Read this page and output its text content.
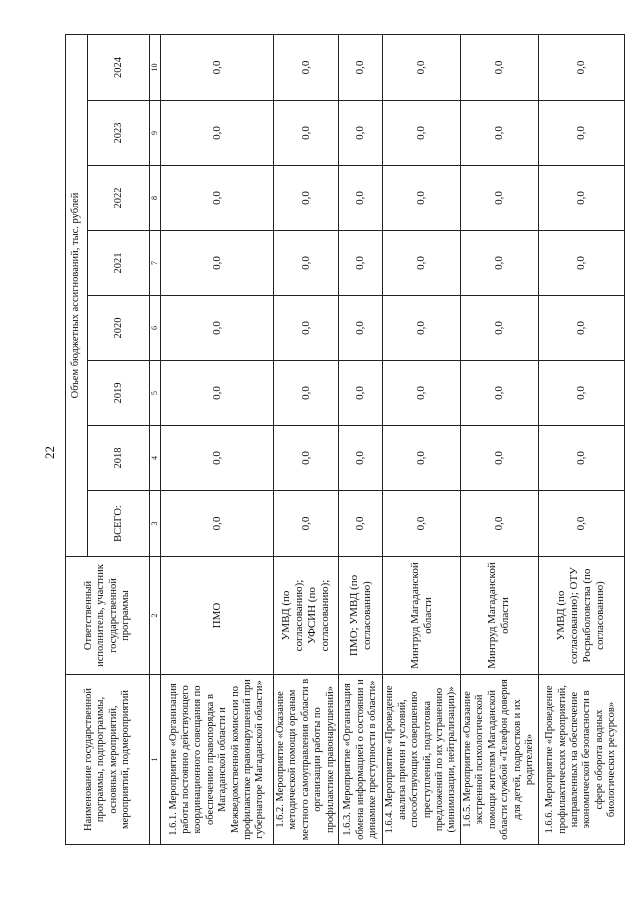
22
Наименование государственной программы, подпрограммы, основных мероприятий, мероприятий, подмероприятий	Ответственный исполнитель, участник государственной программы	Объем бюджетных ассигнований, тыс. рублей							
		ВСЕГО:	2018	2019	2020	2021	2022	2023	2024
1	2	3	4	5	6	7	8	9	10
1.6.1. Мероприятие «Организация работы постоянно действующего координационного совещания по обеспечению правопорядка в Магаданской области и Межведомственной комиссии по профилактике правонарушений при губернаторе Магаданской области»	ПМО	0,0	0,0	0,0	0,0	0,0	0,0	0,0	0,0
1.6.2. Мероприятие «Оказание методической помощи органам местного самоуправления области в организации работы по профилактике правонарушений»	УМВД (по согласованию); УФСИН (по согласованию);	0,0	0,0	0,0	0,0	0,0	0,0	0,0	0,0
1.6.3. Мероприятие «Организация обмена информацией о состоянии и динамике преступности в области»	ПМО; УМВД (по согласованию)	0,0	0,0	0,0	0,0	0,0	0,0	0,0	0,0
1.6.4. Мероприятие «Проведение анализа причин и условий, способствующих совершению преступлений, подготовка предложений по их устранению (минимизации, нейтрализации)»	Минтруд Магаданской области	0,0	0,0	0,0	0,0	0,0	0,0	0,0	0,0
1.6.5. Мероприятие «Оказание экстренной психологической помощи жителям Магаданской области службой «Телефон доверия для детей, подростков и их родителей»	Минтруд Магаданской области	0,0	0,0	0,0	0,0	0,0	0,0	0,0	0,0
1.6.6. Мероприятие «Проведение профилактических мероприятий, направленных на обеспечение экономической безопасности в сфере оборота водных биологических ресурсов»	УМВД (по согласованию); ОТУ Росрыболовства (по согласованию)	0,0	0,0	0,0	0,0	0,0	0,0	0,0	0,0
